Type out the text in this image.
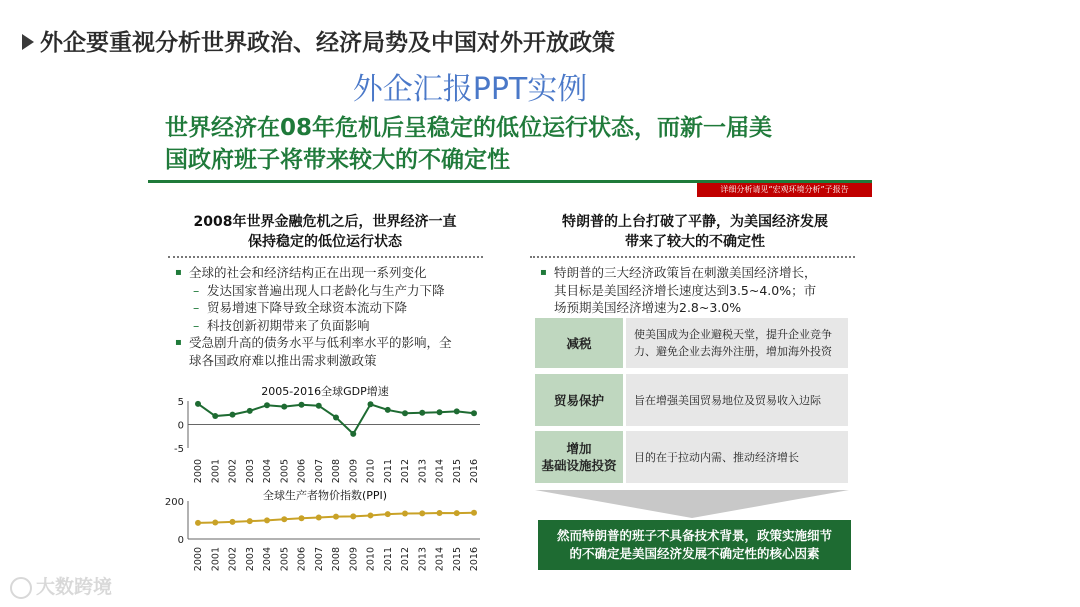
外企要重视分析世界政治、经济局势及中国对外开放政策
外企汇报PPT实例
世界经济在08年危机后呈稳定的低位运行状态，而新一届美
国政府班子将带来较大的不确定性
详细分析请见“宏观环境分析”子报告
2008年世界金融危机之后，世界经济一直
保持稳定的低位运行状态
▪ 全球的社会和经济结构正在出现一系列变化
– 发达国家普遍出现人口老龄化与生产力下降
– 贸易增速下降导致全球资本流动下降
– 科技创新初期带来了负面影响
▪ 受急剧升高的债务水平与低利率水平的影响，全
球各国政府难以推出需求刺激政策
2005-2016全球GDP增速
-5
0
5
2000 2001 2002 2003 2004 2005 2006 2007 2008 2009 2010 2011 2012 2013 2014 2015 2016
全球生产者物价指数(PPI)
0
200
2000 2001 2002 2003 2004 2005 2006 2007 2008 2009 2010 2011 2012 2013 2014 2015 2016
特朗普的上台打破了平静，为美国经济发展
带来了较大的不确定性
▪ 特朗普的三大经济政策旨在刺激美国经济增长，
其目标是美国经济增长速度达到3.5~4.0%；市
场预期美国经济增速为2.8~3.0%
减税
使美国成为企业避税天堂，提升企业竞争
力、避免企业去海外注册，增加海外投资
贸易保护	旨在增强美国贸易地位及贸易收入边际
增加
基础设施投资
目的在于拉动内需、推动经济增长
然而特朗普的班子不具备技术背景，政策实施细节
的不确定是美国经济发展不确定性的核心因素
大数跨境
